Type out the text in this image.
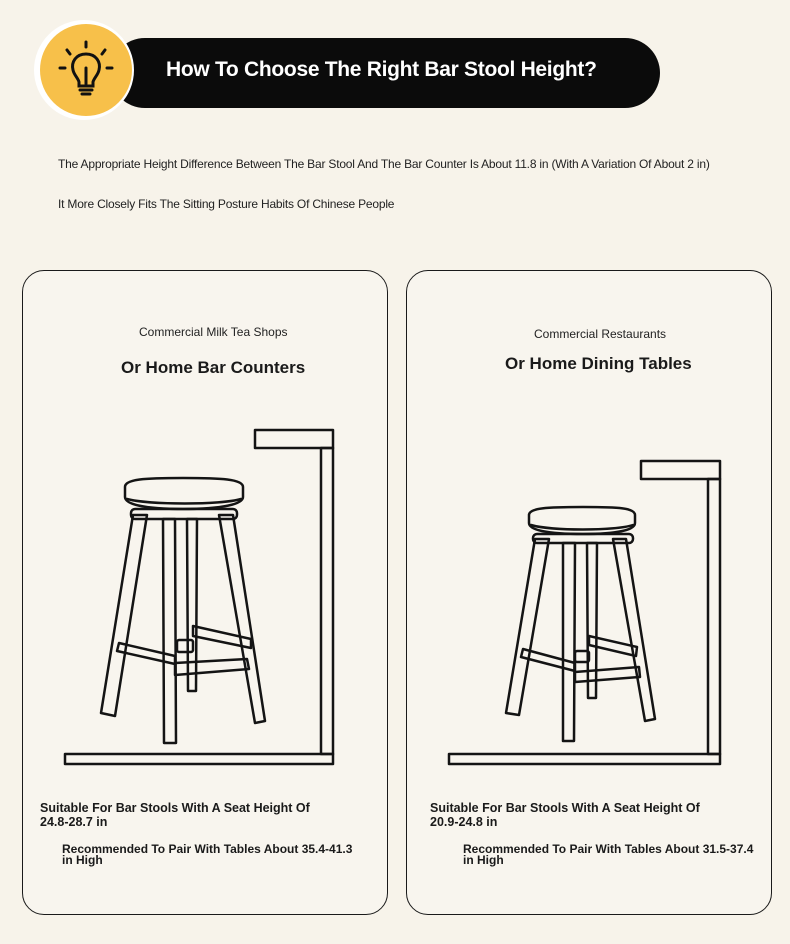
How To Choose The Right Bar Stool Height?
The Appropriate Height Difference Between The Bar Stool And The Bar Counter Is About 11.8 in (With A Variation Of About 2 in)
It More Closely Fits The Sitting Posture Habits Of Chinese People
Commercial Milk Tea Shops
Or Home Bar Counters
Suitable For Bar Stools With A Seat Height Of 24.8-28.7 in
Recommended To Pair With Tables About 35.4-41.3 in High
Commercial Restaurants
Or Home Dining Tables
Suitable For Bar Stools With A Seat Height Of 20.9-24.8 in
Recommended To Pair With Tables About 31.5-37.4 in High
